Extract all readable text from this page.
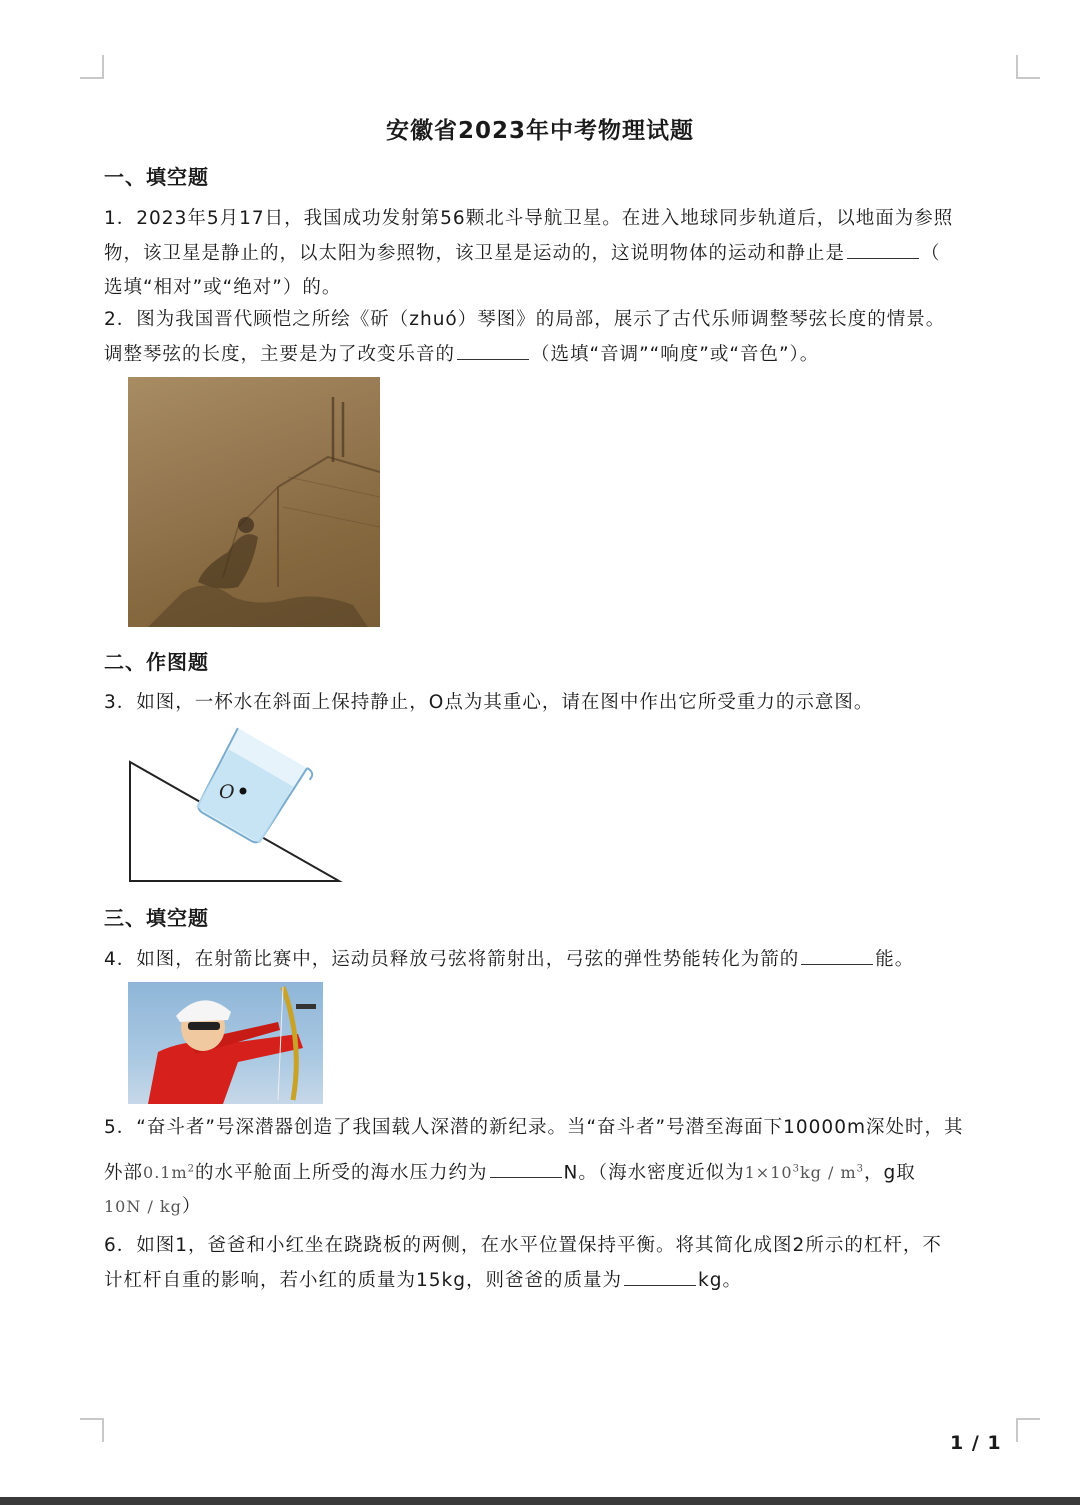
安徽省2023年中考物理试题
一、填空题
1．2023年5月17日，我国成功发射第56颗北斗导航卫星。在进入地球同步轨道后，以地面为参照
物，该卫星是静止的，以太阳为参照物，该卫星是运动的，这说明物体的运动和静止是	（
选填“相对”或“绝对”）的。
2．图为我国晋代顾恺之所绘《斫（zhuó）琴图》的局部，展示了古代乐师调整琴弦长度的情景。
调整琴弦的长度，主要是为了改变乐音的	（选填“音调”“响度”或“音色”）。
二、作图题
3．如图，一杯水在斜面上保持静止，O点为其重心，请在图中作出它所受重力的示意图。
O
三、填空题
4．如图，在射箭比赛中，运动员释放弓弦将箭射出，弓弦的弹性势能转化为箭的	能。
5．“奋斗者”号深潜器创造了我国载人深潜的新纪录。当“奋斗者”号潜至海面下10000m深处时，其
外部$0.1m^2$的水平舱面上所受的海水压力约为	N。（海水密度近似为$1\times 10^3kg / m^3$，g取
10N / kg）
6．如图1，爸爸和小红坐在跷跷板的两侧，在水平位置保持平衡。将其简化成图2所示的杠杆，不
计杠杆自重的影响，若小红的质量为15kg，则爸爸的质量为	kg。
1 / 1
